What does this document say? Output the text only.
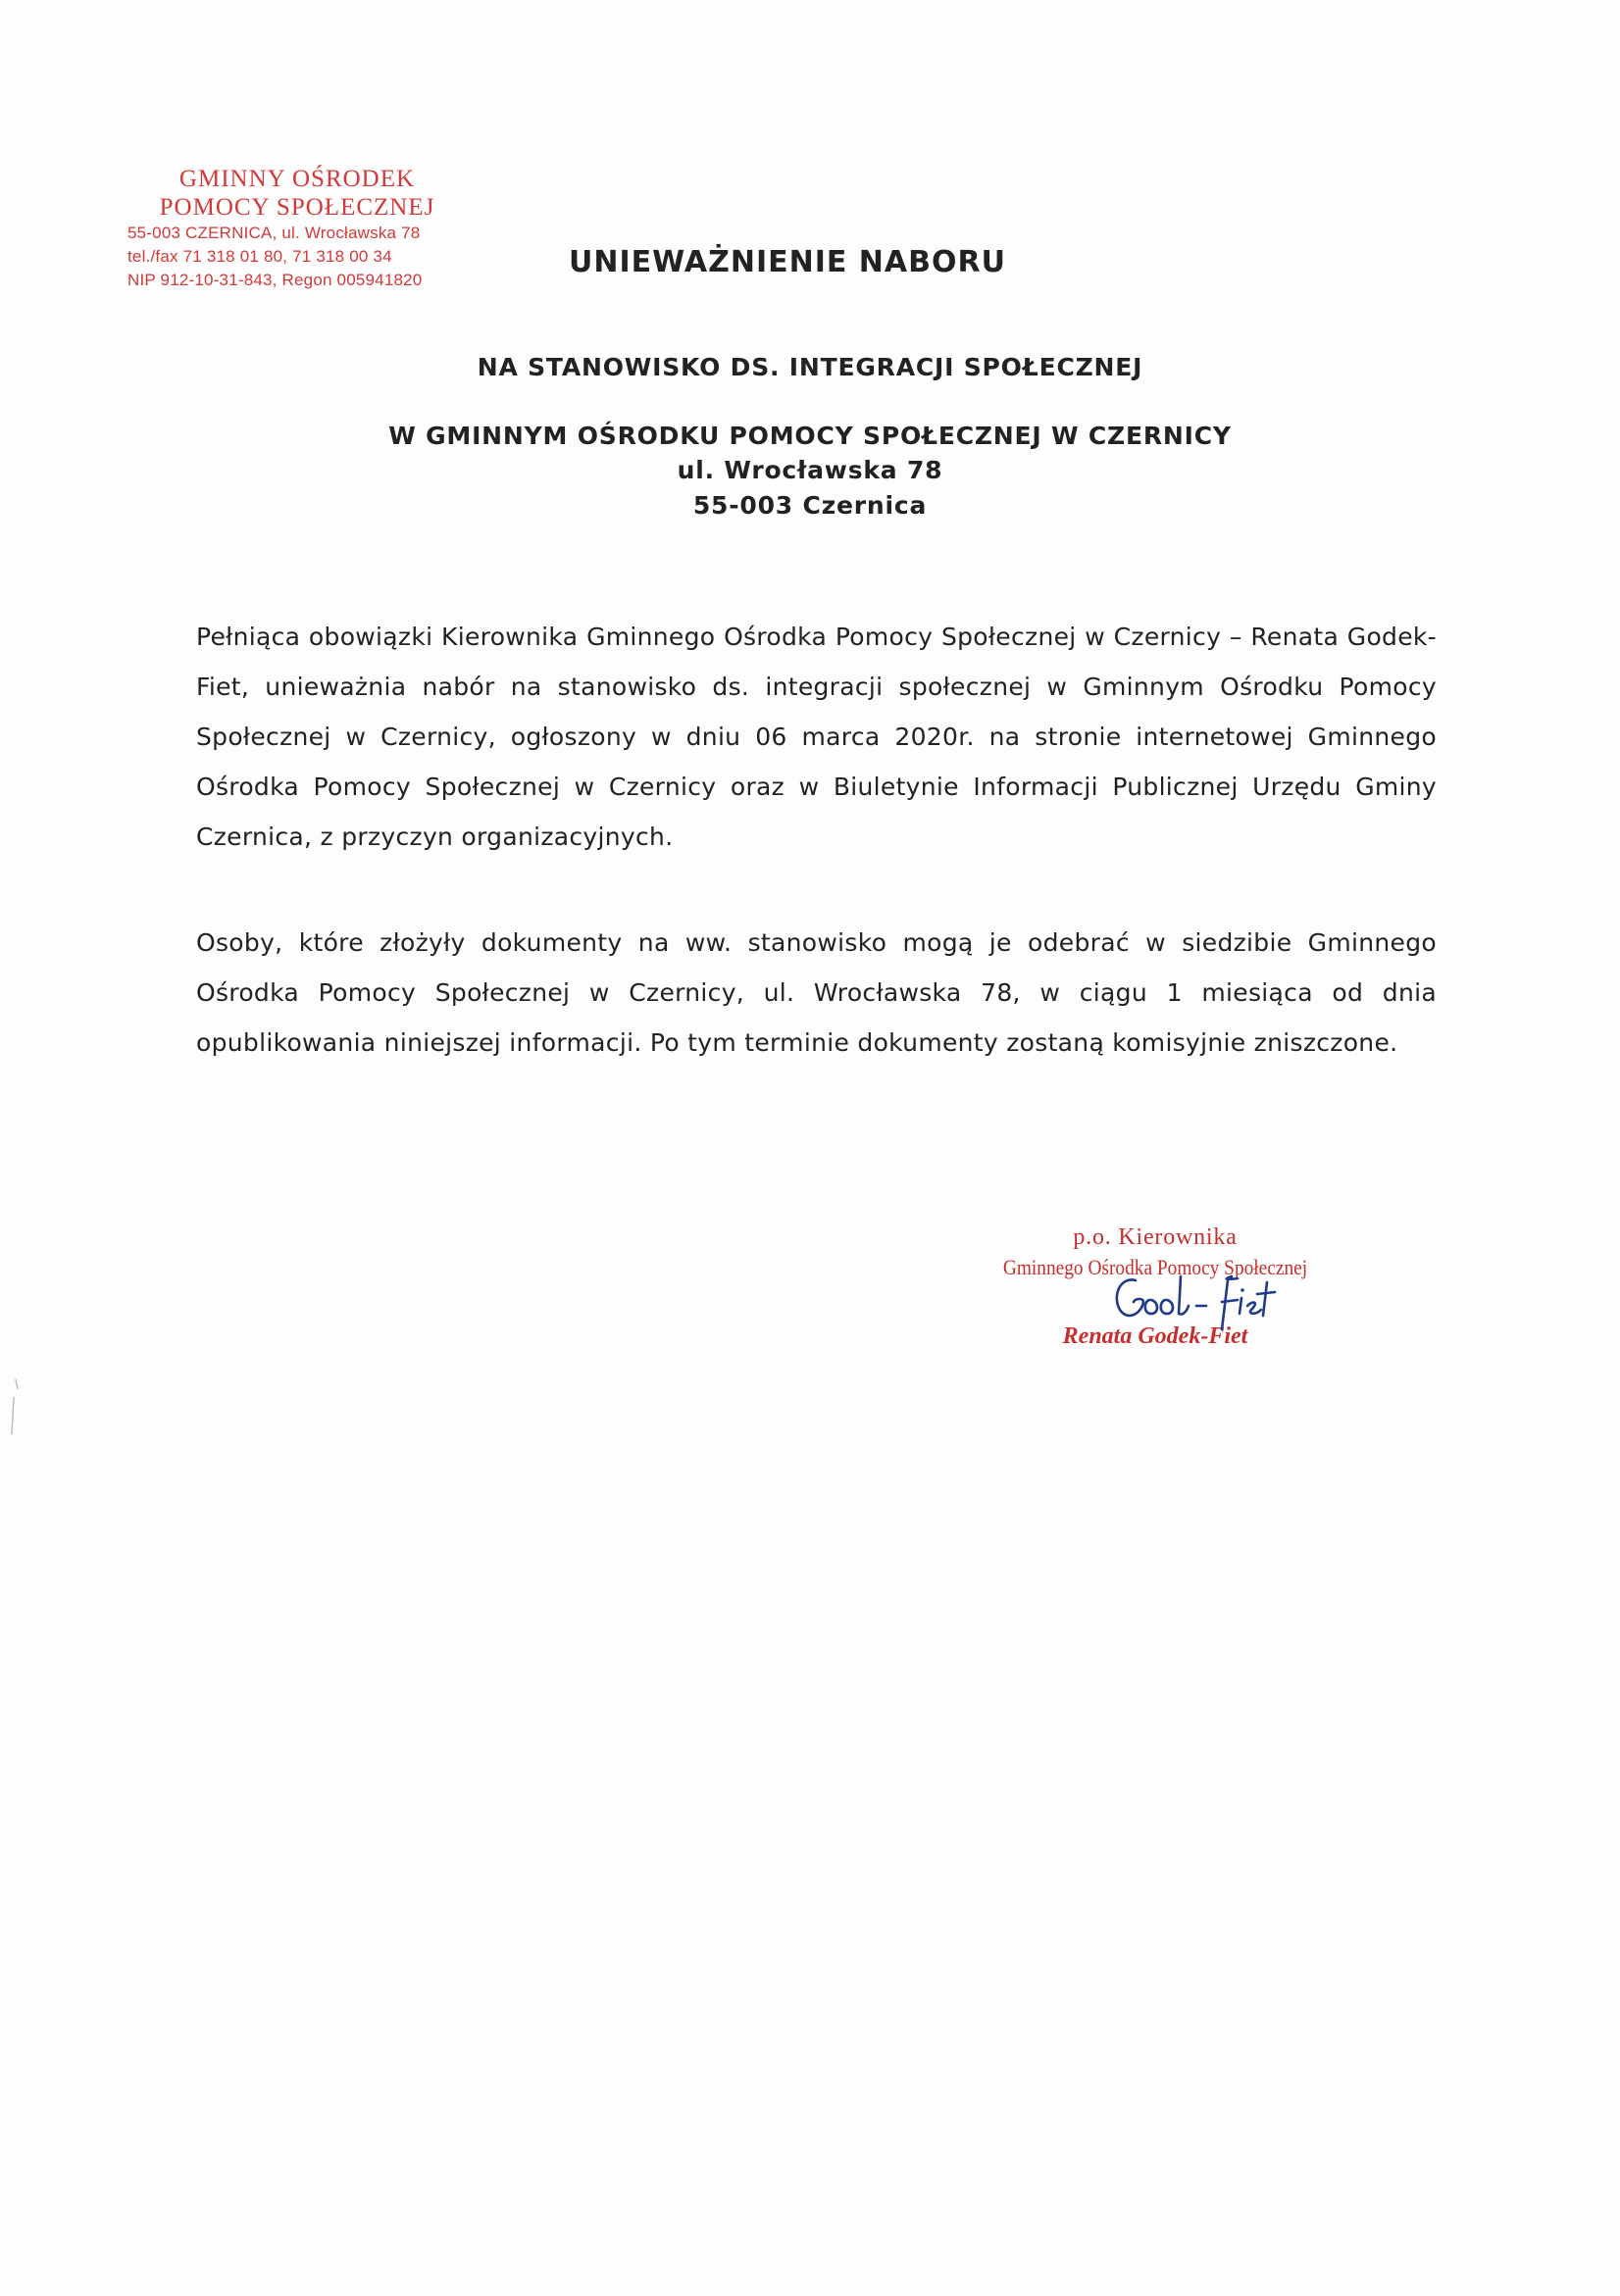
GMINNY OŚRODEK
POMOCY SPOŁECZNEJ
55-003 CZERNICA, ul. Wrocławska 78
tel./fax 71 318 01 80, 71 318 00 34
NIP 912-10-31-843, Regon 005941820
UNIEWAŻNIENIE NABORU
NA STANOWISKO DS. INTEGRACJI SPOŁECZNEJ
W GMINNYM OŚRODKU POMOCY SPOŁECZNEJ W CZERNICY
ul. Wrocławska 78
55-003 Czernica
Pełniąca obowiązki Kierownika Gminnego Ośrodka Pomocy Społecznej w Czernicy – Renata Godek-Fiet, unieważnia nabór na stanowisko ds. integracji społecznej w Gminnym Ośrodku Pomocy Społecznej w Czernicy, ogłoszony w dniu 06 marca 2020r. na stronie internetowej Gminnego Ośrodka Pomocy Społecznej w Czernicy oraz w Biuletynie Informacji Publicznej Urzędu Gminy Czernica, z przyczyn organizacyjnych.
Osoby, które złożyły dokumenty na ww. stanowisko mogą je odebrać w siedzibie Gminnego Ośrodka Pomocy Społecznej w Czernicy, ul. Wrocławska 78, w ciągu 1 miesiąca od dnia opublikowania niniejszej informacji. Po tym terminie dokumenty zostaną komisyjnie zniszczone.
p.o. Kierownika
Gminnego Ośrodka Pomocy Społecznej
Renata Godek-Fiet
